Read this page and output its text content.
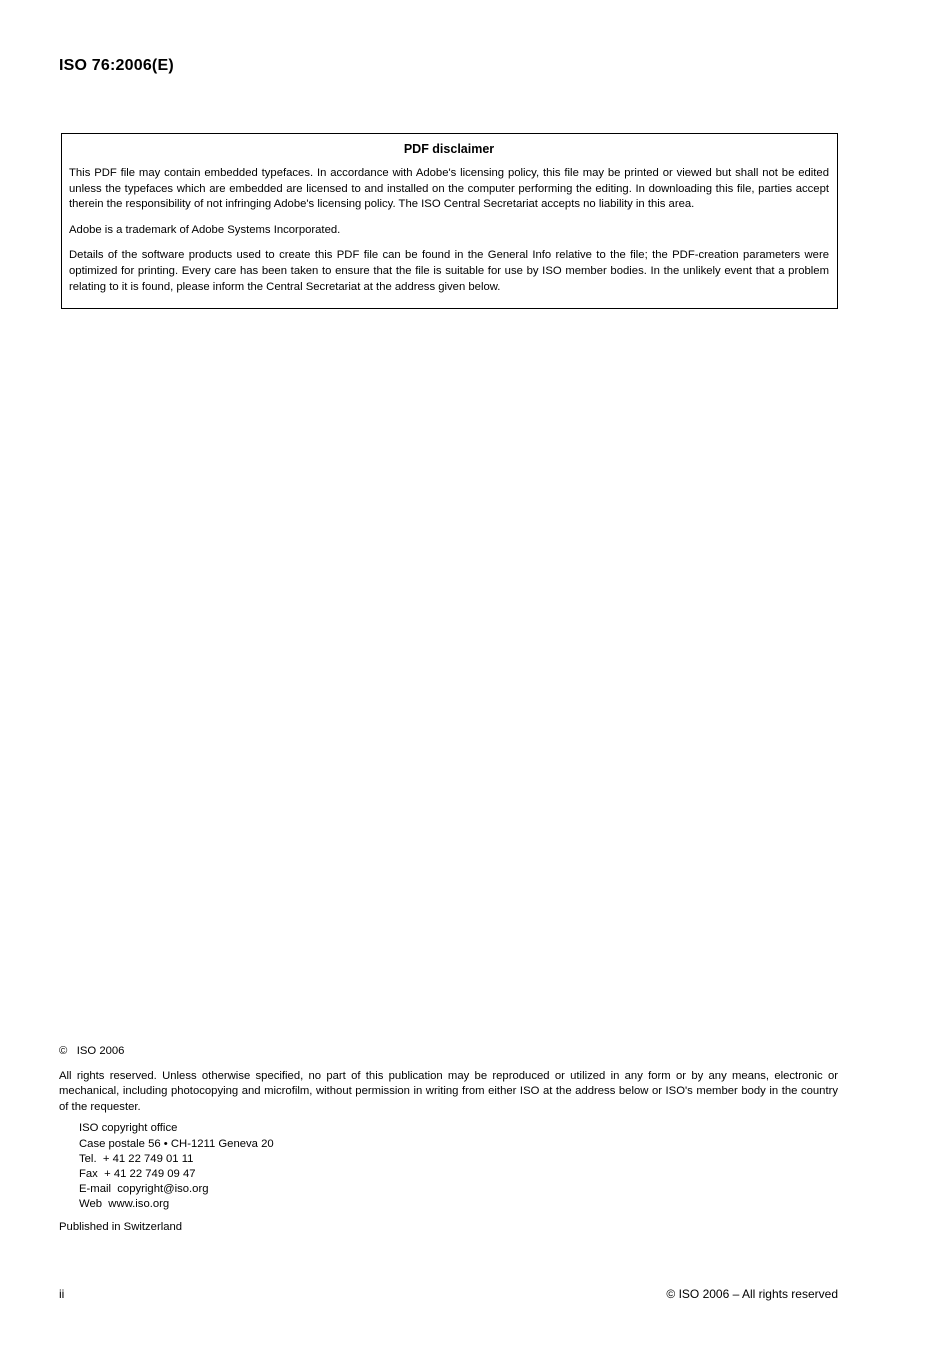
ISO 76:2006(E)
PDF disclaimer

This PDF file may contain embedded typefaces. In accordance with Adobe's licensing policy, this file may be printed or viewed but shall not be edited unless the typefaces which are embedded are licensed to and installed on the computer performing the editing. In downloading this file, parties accept therein the responsibility of not infringing Adobe's licensing policy. The ISO Central Secretariat accepts no liability in this area.

Adobe is a trademark of Adobe Systems Incorporated.

Details of the software products used to create this PDF file can be found in the General Info relative to the file; the PDF-creation parameters were optimized for printing. Every care has been taken to ensure that the file is suitable for use by ISO member bodies. In the unlikely event that a problem relating to it is found, please inform the Central Secretariat at the address given below.

©   ISO 2006

All rights reserved. Unless otherwise specified, no part of this publication may be reproduced or utilized in any form or by any means, electronic or mechanical, including photocopying and microfilm, without permission in writing from either ISO at the address below or ISO's member body in the country of the requester.

ISO copyright office
Case postale 56 • CH-1211 Geneva 20
Tel.  + 41 22 749 01 11
Fax  + 41 22 749 09 47
E-mail  copyright@iso.org
Web  www.iso.org
Published in Switzerland
ii	© ISO 2006 – All rights reserved
